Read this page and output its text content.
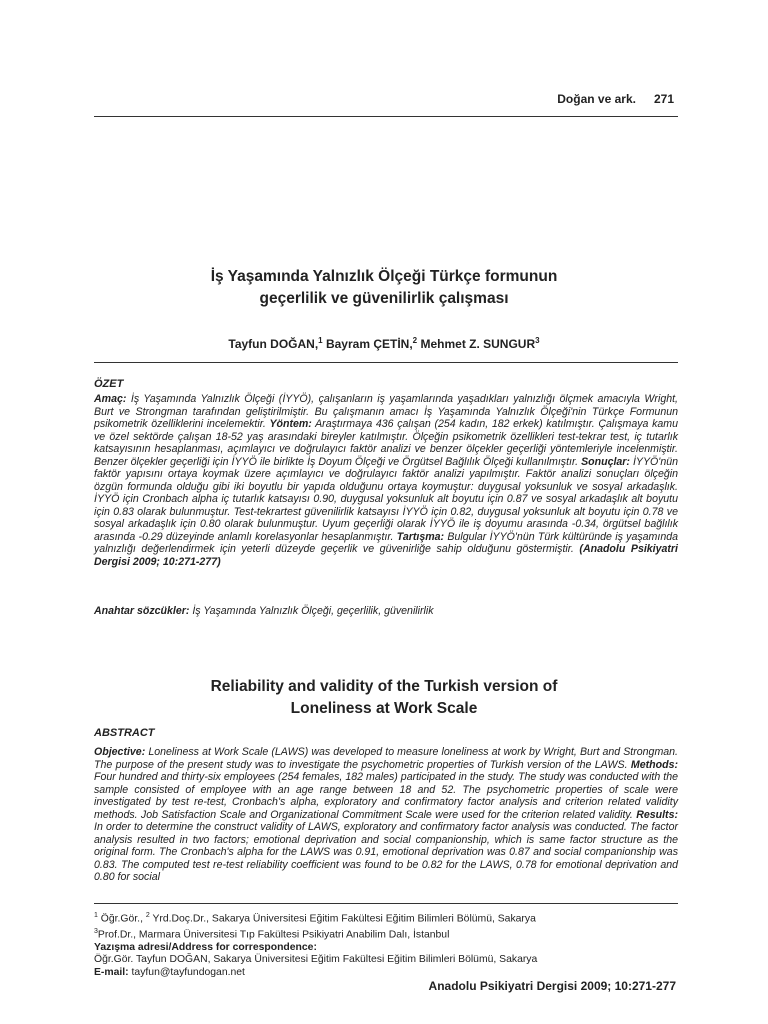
Doğan ve ark. 271
İş Yaşamında Yalnızlık Ölçeği Türkçe formunun
geçerlilik ve güvenilirlik çalışması
Tayfun DOĞAN,$^1$ Bayram ÇETİN,$^2$ Mehmet Z. SUNGUR$^3$
ÖZET
Amaç: İş Yaşamında Yalnızlık Ölçeği (İYYÖ), çalışanların iş yaşamlarında yaşadıkları yalnızlığı ölçmek amacıyla Wright, Burt ve Strongman tarafından geliştirilmiştir. Bu çalışmanın amacı İş Yaşamında Yalnızlık Ölçeği'nin Türkçe Formunun psikometrik özelliklerini incelemektir. Yöntem: Araştırmaya 436 çalışan (254 kadın, 182 erkek) katılmıştır. Çalışmaya kamu ve özel sektörde çalışan 18-52 yaş arasındaki bireyler katılmıştır. Ölçeğin psikometrik özellikleri test-tekrar test, iç tutarlık katsayısının hesaplanması, açımlayıcı ve doğrulayıcı faktör analizi ve benzer ölçekler geçerliği yöntemleriyle incelenmiştir. Benzer ölçekler geçerliği için İYYÖ ile birlikte İş Doyum Ölçeği ve Örgütsel Bağlılık Ölçeği kullanılmıştır. Sonuçlar: İYYÖ'nün faktör yapısını ortaya koymak üzere açımlayıcı ve doğrulayıcı faktör analizi yapılmıştır. Faktör analizi sonuçları ölçeğin özgün formunda olduğu gibi iki boyutlu bir yapıda olduğunu ortaya koymuştur: duygusal yoksunluk ve sosyal arkadaşlık. İYYÖ için Cronbach alpha iç tutarlık katsayısı 0.90, duygusal yoksunluk alt boyutu için 0.87 ve sosyal arkadaşlık alt boyutu için 0.83 olarak bulunmuştur. Test-tekrartest güvenilirlik katsayısı İYYÖ için 0.82, duygusal yoksunluk alt boyutu için 0.78 ve sosyal arkadaşlık için 0.80 olarak bulunmuştur. Uyum geçerliği olarak İYYÖ ile iş doyumu arasında -0.34, örgütsel bağlılık arasında -0.29 düzeyinde anlamlı korelasyonlar hesaplanmıştır. Tartışma: Bulgular İYYÖ'nün Türk kültüründe iş yaşamında yalnızlığı değerlendirmek için yeterli düzeyde geçerlik ve güvenirliğe sahip olduğunu göstermiştir. (Anadolu Psikiyatri Dergisi 2009; 10:271-277)
Anahtar sözcükler: İş Yaşamında Yalnızlık Ölçeği, geçerlilik, güvenilirlik
Reliability and validity of the Turkish version of
Loneliness at Work Scale
ABSTRACT
Objective: Loneliness at Work Scale (LAWS) was developed to measure loneliness at work by Wright, Burt and Strongman. The purpose of the present study was to investigate the psychometric properties of Turkish version of the LAWS. Methods: Four hundred and thirty-six employees (254 females, 182 males) participated in the study. The study was conducted with the sample consisted of employee with an age range between 18 and 52. The psychometric properties of scale were investigated by test re-test, Cronbach's alpha, exploratory and confirmatory factor analysis and criterion related validity methods. Job Satisfaction Scale and Organizational Commitment Scale were used for the criterion related validity. Results: In order to determine the construct validity of LAWS, exploratory and confirmatory factor analysis was conducted. The factor analysis resulted in two factors; emotional deprivation and social companionship, which is same factor structure as the original form. The Cronbach's alpha for the LAWS was 0.91, emotional deprivation was 0.87 and social companionship was 0.83. The computed test re-test reliability coefficient was found to be 0.82 for the LAWS, 0.78 for emotional deprivation and 0.80 for social
$^1$ Öğr.Gör., $^2$ Yrd.Doç.Dr., Sakarya Üniversitesi Eğitim Fakültesi Eğitim Bilimleri Bölümü, Sakarya
$^3$Prof.Dr., Marmara Üniversitesi Tıp Fakültesi Psikiyatri Anabilim Dalı, İstanbul
Yazışma adresi/Address for correspondence:
Öğr.Gör. Tayfun DOĞAN, Sakarya Üniversitesi Eğitim Fakültesi Eğitim Bilimleri Bölümü, Sakarya
E-mail: tayfun@tayfundogan.net
Anadolu Psikiyatri Dergisi 2009; 10:271-277
